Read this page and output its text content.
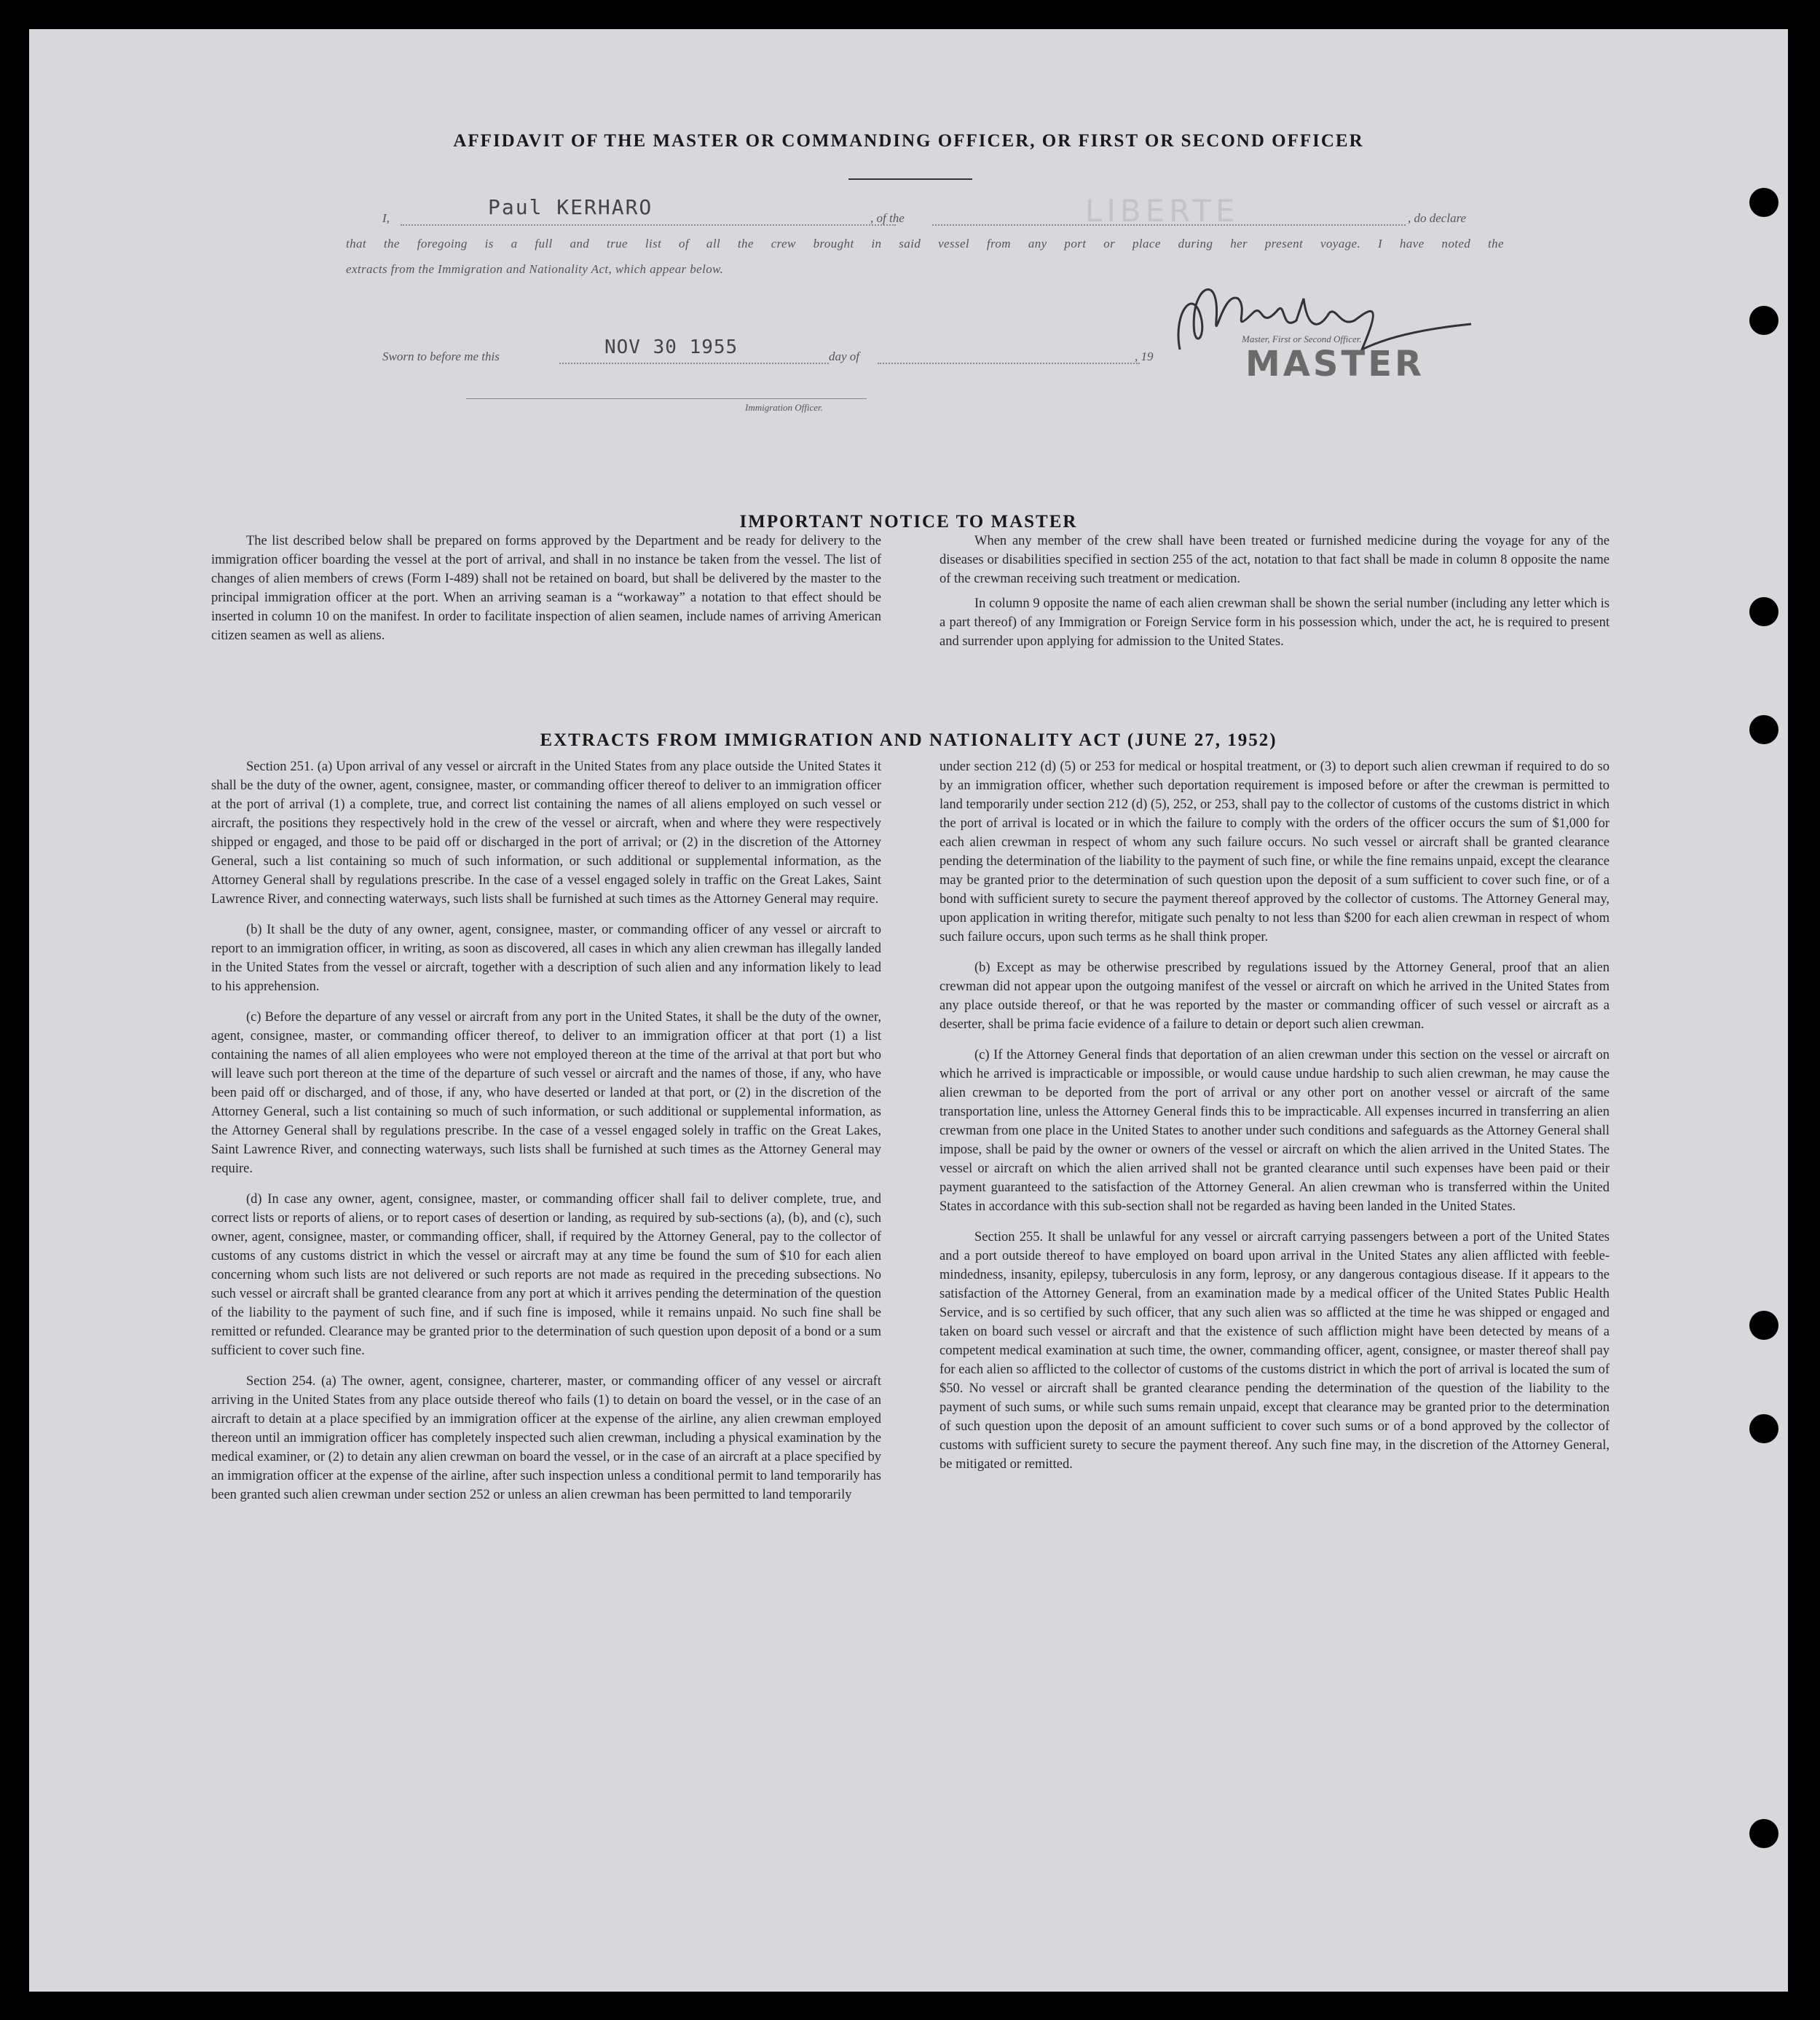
AFFIDAVIT OF THE MASTER OR COMMANDING OFFICER, OR FIRST OR SECOND OFFICER
I,	Paul KERHARO	, of the	LIBERTE	, do declare
that the foregoing is a full and true list of all the crew brought in said vessel from any port or place during her present voyage. I have noted the
extracts from the Immigration and Nationality Act, which appear below.
Master, First or Second Officer.
MASTER
Sworn to before me this	NOV 30 1955	day of	, 19
Immigration Officer.
IMPORTANT NOTICE TO MASTER

The list described below shall be prepared on forms approved by the Department and be ready for delivery to the immigration officer boarding the vessel at the port of arrival, and shall in no instance be taken from the vessel. The list of changes of alien members of crews (Form I-489) shall not be retained on board, but shall be delivered by the master to the principal immigration officer at the port. When an arriving seaman is a “workaway” a notation to that effect should be inserted in column 10 on the manifest. In order to facilitate inspection of alien seamen, include names of arriving American citizen seamen as well as aliens.

When any member of the crew shall have been treated or furnished medicine during the voyage for any of the diseases or disabilities specified in section 255 of the act, notation to that fact shall be made in column 8 opposite the name of the crewman receiving such treatment or medication.

In column 9 opposite the name of each alien crewman shall be shown the serial number (including any letter which is a part thereof) of any Immigration or Foreign Service form in his possession which, under the act, he is required to present and surrender upon applying for admission to the United States.

EXTRACTS FROM IMMIGRATION AND NATIONALITY ACT (JUNE 27, 1952)

Section 251. (a) Upon arrival of any vessel or aircraft in the United States from any place outside the United States it shall be the duty of the owner, agent, consignee, master, or commanding officer thereof to deliver to an immigration officer at the port of arrival (1) a complete, true, and correct list containing the names of all aliens employed on such vessel or aircraft, the positions they respectively hold in the crew of the vessel or aircraft, when and where they were respectively shipped or engaged, and those to be paid off or discharged in the port of arrival; or (2) in the discretion of the Attorney General, such a list containing so much of such information, or such additional or supplemental information, as the Attorney General shall by regulations prescribe. In the case of a vessel engaged solely in traffic on the Great Lakes, Saint Lawrence River, and connecting waterways, such lists shall be furnished at such times as the Attorney General may require.

(b) It shall be the duty of any owner, agent, consignee, master, or commanding officer of any vessel or aircraft to report to an immigration officer, in writing, as soon as discovered, all cases in which any alien crewman has illegally landed in the United States from the vessel or aircraft, together with a description of such alien and any information likely to lead to his apprehension.

(c) Before the departure of any vessel or aircraft from any port in the United States, it shall be the duty of the owner, agent, consignee, master, or commanding officer thereof, to deliver to an immigration officer at that port (1) a list containing the names of all alien employees who were not employed thereon at the time of the arrival at that port but who will leave such port thereon at the time of the departure of such vessel or aircraft and the names of those, if any, who have been paid off or discharged, and of those, if any, who have deserted or landed at that port, or (2) in the discretion of the Attorney General, such a list containing so much of such information, or such additional or supplemental information, as the Attorney General shall by regulations prescribe. In the case of a vessel engaged solely in traffic on the Great Lakes, Saint Lawrence River, and connecting waterways, such lists shall be furnished at such times as the Attorney General may require.

(d) In case any owner, agent, consignee, master, or commanding officer shall fail to deliver complete, true, and correct lists or reports of aliens, or to report cases of desertion or landing, as required by sub-sections (a), (b), and (c), such owner, agent, consignee, master, or commanding officer, shall, if required by the Attorney General, pay to the collector of customs of any customs district in which the vessel or aircraft may at any time be found the sum of $10 for each alien concerning whom such lists are not delivered or such reports are not made as required in the preceding subsections. No such vessel or aircraft shall be granted clearance from any port at which it arrives pending the determination of the question of the liability to the payment of such fine, and if such fine is imposed, while it remains unpaid. No such fine shall be remitted or refunded. Clearance may be granted prior to the determination of such question upon deposit of a bond or a sum sufficient to cover such fine.

Section 254. (a) The owner, agent, consignee, charterer, master, or commanding officer of any vessel or aircraft arriving in the United States from any place outside thereof who fails (1) to detain on board the vessel, or in the case of an aircraft to detain at a place specified by an immigration officer at the expense of the airline, any alien crewman employed thereon until an immigration officer has completely inspected such alien crewman, including a physical examination by the medical examiner, or (2) to detain any alien crewman on board the vessel, or in the case of an aircraft at a place specified by an immigration officer at the expense of the airline, after such inspection unless a conditional permit to land temporarily has been granted such alien crewman under section 252 or unless an alien crewman has been permitted to land temporarily

under section 212 (d) (5) or 253 for medical or hospital treatment, or (3) to deport such alien crewman if required to do so by an immigration officer, whether such deportation requirement is imposed before or after the crewman is permitted to land temporarily under section 212 (d) (5), 252, or 253, shall pay to the collector of customs of the customs district in which the port of arrival is located or in which the failure to comply with the orders of the officer occurs the sum of $1,000 for each alien crewman in respect of whom any such failure occurs. No such vessel or aircraft shall be granted clearance pending the determination of the liability to the payment of such fine, or while the fine remains unpaid, except the clearance may be granted prior to the determination of such question upon the deposit of a sum sufficient to cover such fine, or of a bond with sufficient surety to secure the payment thereof approved by the collector of customs. The Attorney General may, upon application in writing therefor, mitigate such penalty to not less than $200 for each alien crewman in respect of whom such failure occurs, upon such terms as he shall think proper.

(b) Except as may be otherwise prescribed by regulations issued by the Attorney General, proof that an alien crewman did not appear upon the outgoing manifest of the vessel or aircraft on which he arrived in the United States from any place outside thereof, or that he was reported by the master or commanding officer of such vessel or aircraft as a deserter, shall be prima facie evidence of a failure to detain or deport such alien crewman.

(c) If the Attorney General finds that deportation of an alien crewman under this section on the vessel or aircraft on which he arrived is impracticable or impossible, or would cause undue hardship to such alien crewman, he may cause the alien crewman to be deported from the port of arrival or any other port on another vessel or aircraft of the same transportation line, unless the Attorney General finds this to be impracticable. All expenses incurred in transferring an alien crewman from one place in the United States to another under such conditions and safeguards as the Attorney General shall impose, shall be paid by the owner or owners of the vessel or aircraft on which the alien arrived in the United States. The vessel or aircraft on which the alien arrived shall not be granted clearance until such expenses have been paid or their payment guaranteed to the satisfaction of the Attorney General. An alien crewman who is transferred within the United States in accordance with this sub-section shall not be regarded as having been landed in the United States.

Section 255. It shall be unlawful for any vessel or aircraft carrying passengers between a port of the United States and a port outside thereof to have employed on board upon arrival in the United States any alien afflicted with feeble-mindedness, insanity, epilepsy, tuberculosis in any form, leprosy, or any dangerous contagious disease. If it appears to the satisfaction of the Attorney General, from an examination made by a medical officer of the United States Public Health Service, and is so certified by such officer, that any such alien was so afflicted at the time he was shipped or engaged and taken on board such vessel or aircraft and that the existence of such affliction might have been detected by means of a competent medical examination at such time, the owner, commanding officer, agent, consignee, or master thereof shall pay for each alien so afflicted to the collector of customs of the customs district in which the port of arrival is located the sum of $50. No vessel or aircraft shall be granted clearance pending the determination of the question of the liability to the payment of such sums, or while such sums remain unpaid, except that clearance may be granted prior to the determination of such question upon the deposit of an amount sufficient to cover such sums or of a bond approved by the collector of customs with sufficient surety to secure the payment thereof. Any such fine may, in the discretion of the Attorney General, be mitigated or remitted.
